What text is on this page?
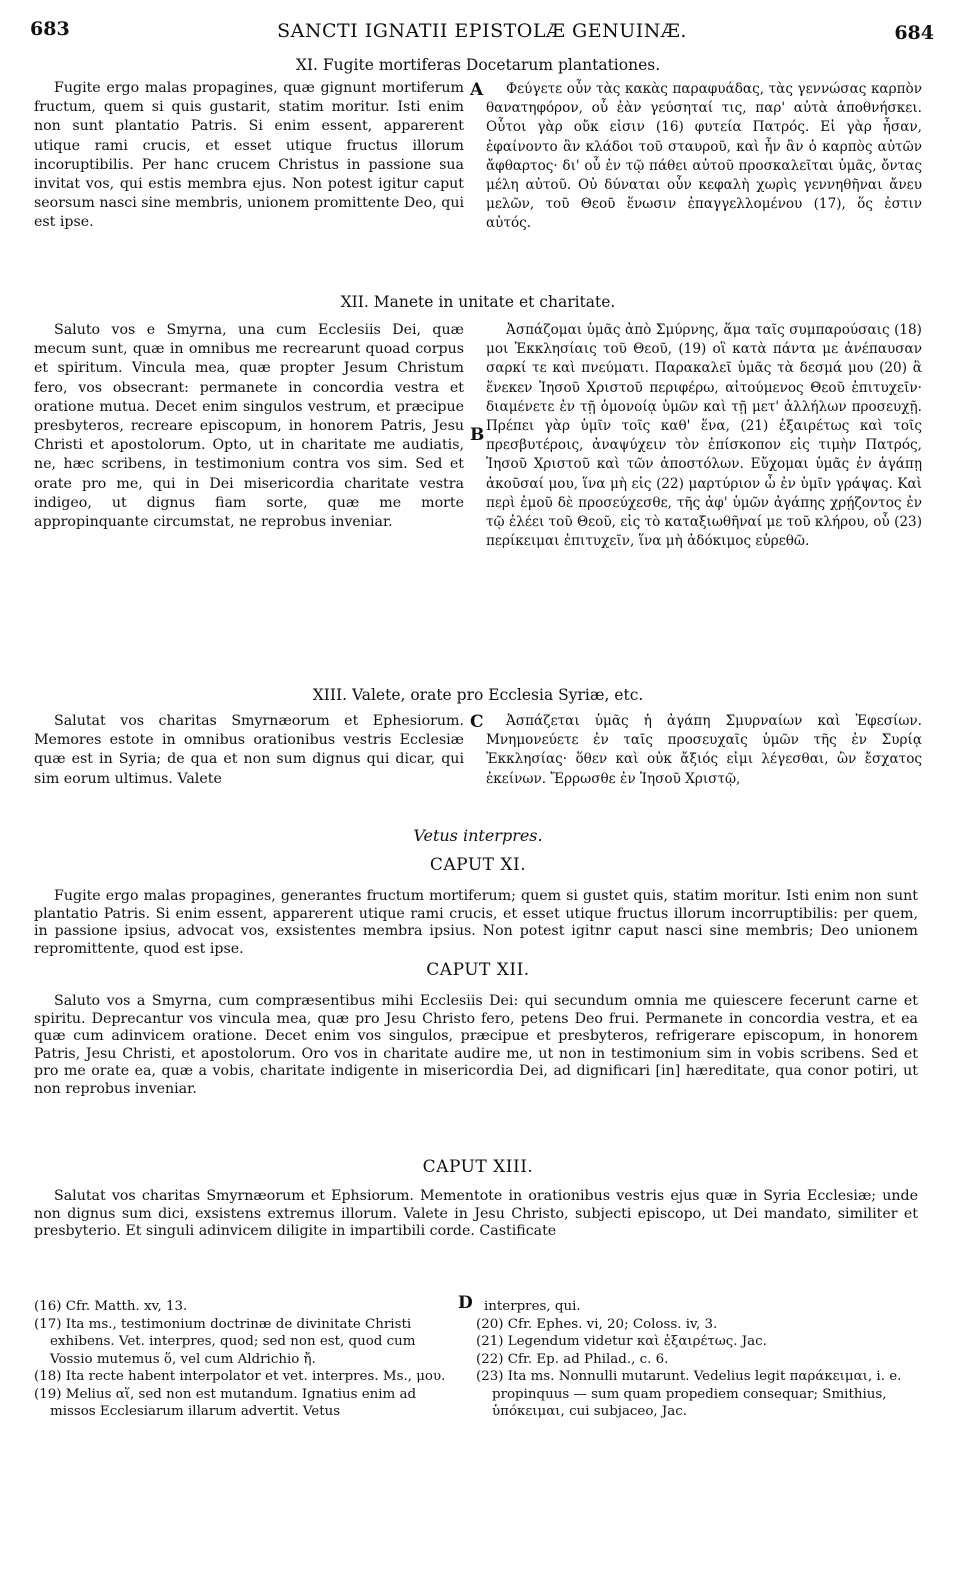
683	SANCTI IGNATII EPISTOLÆ GENUINÆ.	684
XI. Fugite mortiferas Docetarum plantationes.
A
Fugite ergo malas propagines, quæ gignunt mortiferum fructum, quem si quis gustarit, statim moritur. Isti enim non sunt plantatio Patris. Si enim essent, apparerent utique rami crucis, et esset utique fructus illorum incoruptibilis. Per hanc crucem Christus in passione sua invitat vos, qui estis membra ejus. Non potest igitur caput seorsum nasci sine membris, unionem promittente Deo, qui est ipse.
Φεύγετε οὖν τὰς κακὰς παραφυάδας, τὰς γεννώσας καρπὸν θανατηφόρον, οὗ ἐὰν γεύσηταί τις, παρ' αὐτὰ ἀποθνήσκει. Οὗτοι γὰρ οὔκ εἰσιν (16) φυτεία Πατρός. Εἰ γὰρ ἦσαν, ἐφαίνοντο ἂν κλάδοι τοῦ σταυροῦ, καὶ ἦν ἂν ὁ καρπὸς αὐτῶν ἄφθαρτος· δι' οὗ ἐν τῷ πάθει αὐτοῦ προσκαλεῖται ὑμᾶς, ὄντας μέλη αὐτοῦ. Οὐ δύναται οὖν κεφαλὴ χωρὶς γεννηθῆναι ἄνευ μελῶν, τοῦ Θεοῦ ἕνωσιν ἐπαγγελλομένου (17), ὅς ἐστιν αὐτός.
XII. Manete in unitate et charitate.
B
Saluto vos e Smyrna, una cum Ecclesiis Dei, quæ mecum sunt, quæ in omnibus me recrearunt quoad corpus et spiritum. Vincula mea, quæ propter Jesum Christum fero, vos obsecrant: permanete in concordia vestra et oratione mutua. Decet enim singulos vestrum, et præcipue presbyteros, recreare episcopum, in honorem Patris, Jesu Christi et apostolorum. Opto, ut in charitate me audiatis, ne, hæc scribens, in testimonium contra vos sim. Sed et orate pro me, qui in Dei misericordia charitate vestra indigeo, ut dignus fiam sorte, quæ me morte appropinquante circumstat, ne reprobus inveniar.
Ἀσπάζομαι ὑμᾶς ἀπὸ Σμύρνης, ἅμα ταῖς συμπαρούσαις (18) μοι Ἐκκλησίαις τοῦ Θεοῦ, (19) οἳ κατὰ πάντα με ἀνέπαυσαν σαρκί τε καὶ πνεύματι. Παρακαλεῖ ὑμᾶς τὰ δεσμά μου (20) ἃ ἕνεκεν Ἰησοῦ Χριστοῦ περιφέρω, αἰτούμενος Θεοῦ ἐπιτυχεῖν· διαμένετε ἐν τῇ ὁμονοίᾳ ὑμῶν καὶ τῇ μετ' ἀλλήλων προσευχῇ. Πρέπει γὰρ ὑμῖν τοῖς καθ' ἕνα, (21) ἐξαιρέτως καὶ τοῖς πρεσβυτέροις, ἀναψύχειν τὸν ἐπίσκοπον εἰς τιμὴν Πατρός, Ἰησοῦ Χριστοῦ καὶ τῶν ἀποστόλων. Εὔχομαι ὑμᾶς ἐν ἀγάπῃ ἀκοῦσαί μου, ἵνα μὴ εἰς (22) μαρτύριον ὦ ἐν ὑμῖν γράψας. Καὶ περὶ ἐμοῦ δὲ προσεύχεσθε, τῆς ἀφ' ὑμῶν ἀγάπης χρῄζοντος ἐν τῷ ἐλέει τοῦ Θεοῦ, εἰς τὸ καταξιωθῆναί με τοῦ κλήρου, οὗ (23) περίκειμαι ἐπιτυχεῖν, ἵνα μὴ ἀδόκιμος εὑρεθῶ.
XIII. Valete, orate pro Ecclesia Syriæ, etc.
C
Salutat vos charitas Smyrnæorum et Ephesiorum. Memores estote in omnibus orationibus vestris Ecclesiæ quæ est in Syria; de qua et non sum dignus qui dicar, qui sim eorum ultimus. Valete
Ἀσπάζεται ὑμᾶς ἡ ἀγάπη Σμυρναίων καὶ Ἐφεσίων. Μνημονεύετε ἐν ταῖς προσευχαῖς ὑμῶν τῆς ἐν Συρίᾳ Ἐκκλησίας· ὅθεν καὶ οὐκ ἄξιός εἰμι λέγεσθαι, ὢν ἔσχατος ἐκείνων. Ἔρρωσθε ἐν Ἰησοῦ Χριστῷ,
Vetus interpres.
CAPUT XI.
Fugite ergo malas propagines, generantes fructum mortiferum; quem si gustet quis, statim moritur. Isti enim non sunt plantatio Patris. Si enim essent, apparerent utique rami crucis, et esset utique fructus illorum incorruptibilis: per quem, in passione ipsius, advocat vos, exsistentes membra ipsius. Non potest igitnr caput nasci sine membris; Deo unionem repromittente, quod est ipse.
CAPUT XII.
Saluto vos a Smyrna, cum compræsentibus mihi Ecclesiis Dei: qui secundum omnia me quiescere fecerunt carne et spiritu. Deprecantur vos vincula mea, quæ pro Jesu Christo fero, petens Deo frui. Permanete in concordia vestra, et ea quæ cum adinvicem oratione. Decet enim vos singulos, præcipue et presbyteros, refrigerare episcopum, in honorem Patris, Jesu Christi, et apostolorum. Oro vos in charitate audire me, ut non in testimonium sim in vobis scribens. Sed et pro me orate ea, quæ a vobis, charitate indigente in misericordia Dei, ad dignificari [in] hæreditate, qua conor potiri, ut non reprobus inveniar.
CAPUT XIII.
Salutat vos charitas Smyrnæorum et Ephsiorum. Mementote in orationibus vestris ejus quæ in Syria Ecclesiæ; unde non dignus sum dici, exsistens extremus illorum. Valete in Jesu Christo, subjecti episcopo, ut Dei mandato, similiter et presbyterio. Et singuli adinvicem diligite in impartibili corde. Castificate
D

(16) Cfr. Matth. xv, 13.

(17) Ita ms., testimonium doctrinæ de divinitate Christi exhibens. Vet. interpres, quod; sed non est, quod cum Vossio mutemus ὅ, vel cum Aldrichio ἤ.

(18) Ita recte habent interpolator et vet. interpres. Ms., μου.

(19) Melius αἵ, sed non est mutandum. Ignatius enim ad missos Ecclesiarum illarum advertit. Vetus

interpres, qui.

(20) Cfr. Ephes. vi, 20; Coloss. iv, 3.

(21) Legendum videtur καὶ ἐξαιρέτως. Jac.

(22) Cfr. Ep. ad Philad., c. 6.

(23) Ita ms. Nonnulli mutarunt. Vedelius legit παράκειμαι, i. e. propinquus — sum quam propediem consequar; Smithius, ὑπόκειμαι, cui subjaceo, Jac.
